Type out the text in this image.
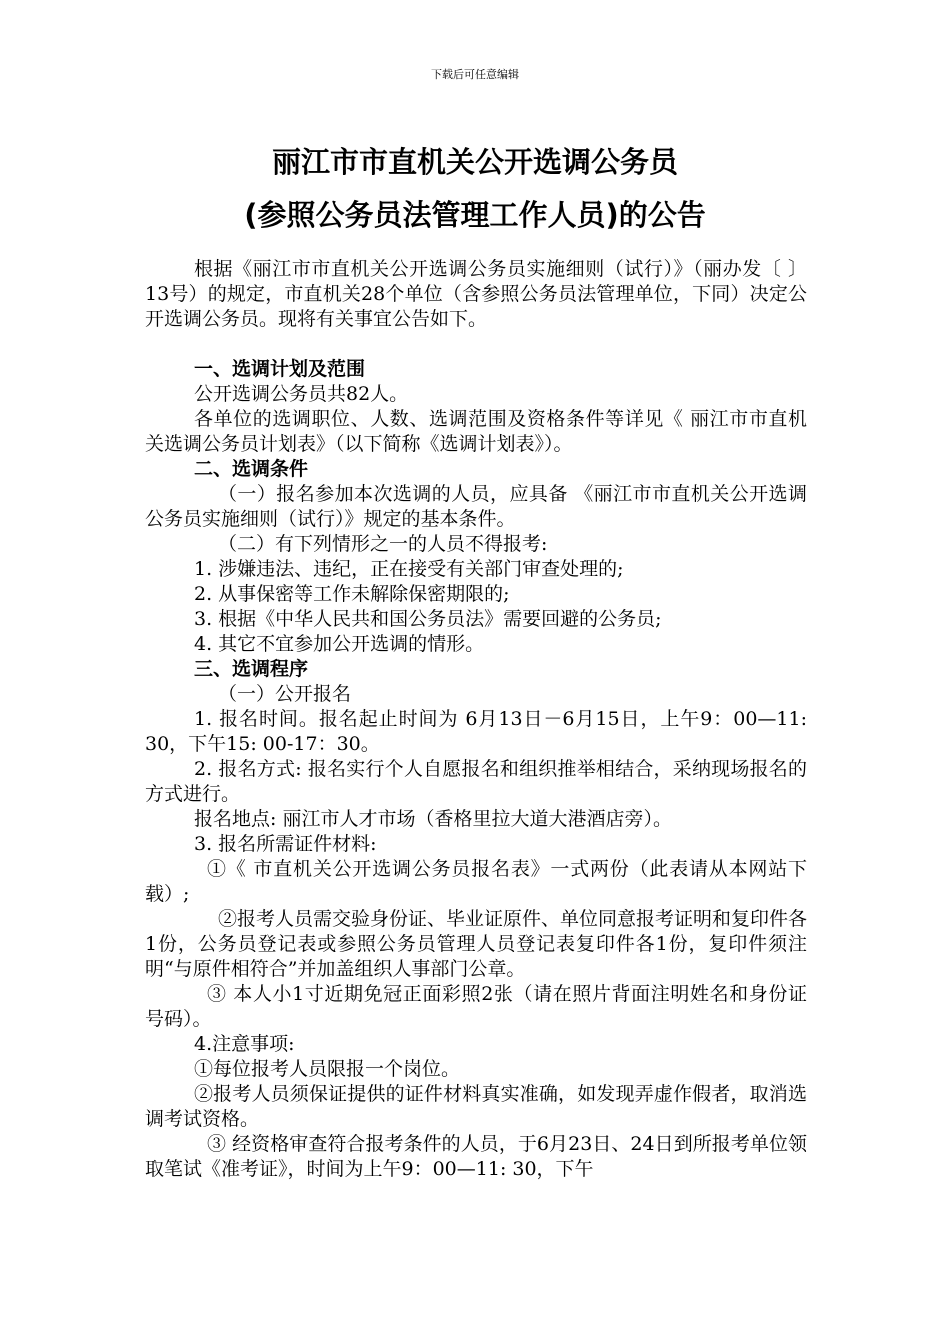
下载后可任意编辑
丽江市市直机关公开选调公务员
(参照公务员法管理工作人员)的公告

根据《丽江市市直机关公开选调公务员实施细则（试行）》（丽办发〔 〕13号）的规定，市直机关28个单位（含参照公务员法管理单位，下同）决定公开选调公务员。现将有关事宜公告如下。

一、选调计划及范围

公开选调公务员共82人。

各单位的选调职位、人数、选调范围及资格条件等详见《 丽江市市直机关选调公务员计划表》（以下简称《选调计划表》）。

二、选调条件

（一）报名参加本次选调的人员，应具备 《丽江市市直机关公开选调公务员实施细则（试行）》规定的基本条件。

（二）有下列情形之一的人员不得报考:

1. 涉嫌违法、违纪，正在接受有关部门审查处理的;

2. 从事保密等工作未解除保密期限的;

3. 根据《中华人民共和国公务员法》需要回避的公务员;

4. 其它不宜参加公开选调的情形。

三、选调程序

（一）公开报名

1. 报名时间。报名起止时间为 6月13日－6月15日，上午9：00—11: 30，下午15: 00-17：30。

2. 报名方式: 报名实行个人自愿报名和组织推举相结合，采纳现场报名的方式进行。

报名地点: 丽江市人才市场（香格里拉大道大港酒店旁）。

3. 报名所需证件材料:

①《 市直机关公开选调公务员报名表》一式两份（此表请从本网站下载）;

②报考人员需交验身份证、毕业证原件、单位同意报考证明和复印件各1份，公务员登记表或参照公务员管理人员登记表复印件各1份，复印件须注明“与原件相符合”并加盖组织人事部门公章。

③ 本人小1寸近期免冠正面彩照2张（请在照片背面注明姓名和身份证号码）。

4.注意事项:

①每位报考人员限报一个岗位。

②报考人员须保证提供的证件材料真实准确，如发现弄虚作假者，取消选调考试资格。

③ 经资格审查符合报考条件的人员，于6月23日、24日到所报考单位领取笔试《准考证》，时间为上午9：00—11: 30，下午
